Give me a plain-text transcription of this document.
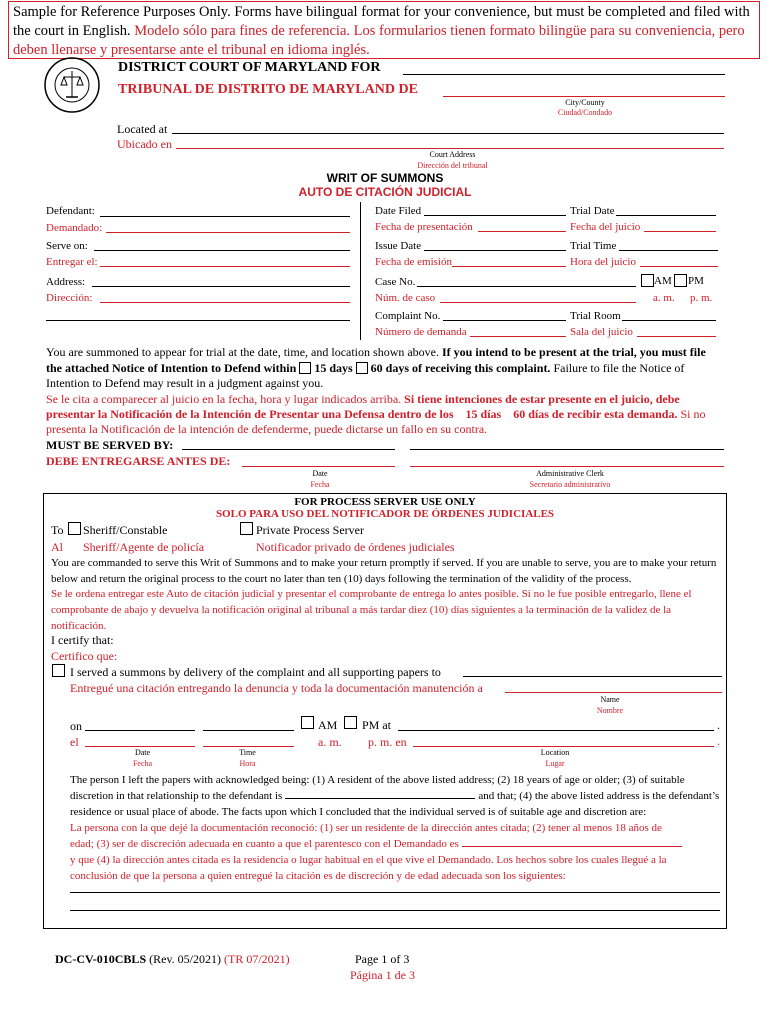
Sample for Reference Purposes Only. Forms have bilingual format for your convenience, but must be completed and filed with the court in English. Modelo sólo para fines de referencia. Los formularios tienen formato bilingüe para su conveniencia, pero deben llenarse y presentarse ante el tribunal en idioma inglés.
DISTRICT COURT OF MARYLAND FOR
TRIBUNAL DE DISTRITO DE MARYLAND DE
City/County
Ciudad/Condado
Located at
Ubicado en
Court Address
Dirección del tribunal
WRIT OF SUMMONS
AUTO DE CITACIÓN JUDICIAL
Defendant:
Demandado:
Serve on:
Entregar el:
Address:
Dirección:
Date Filed	Trial Date
Fecha de presentación	Fecha del juicio
Issue Date	Trial Time
Fecha de emisión	Hora del juicio
Case No.	AM PM
Núm. de caso	a. m. p. m.
Complaint No.	Trial Room
Número de demanda	Sala del juicio
You are summoned to appear for trial at the date, time, and location shown above. If you intend to be present at the trial, you must file the attached Notice of Intention to Defend within 15 days 60 days of receiving this complaint. Failure to file the Notice of Intention to Defend may result in a judgment against you.
Se le cita a comparecer al juicio en la fecha, hora y lugar indicados arriba. Si tiene intenciones de estar presente en el juicio, debe presentar la Notificación de la Intención de Presentar una Defensa dentro de los 15 días 60 días de recibir esta demanda. Si no presenta la Notificación de la intención de defenderme, puede dictarse un fallo en su contra.
MUST BE SERVED BY:
DEBE ENTREGARSE ANTES DE:
Date
Fecha
Administrative Clerk
Secretario administrativo
FOR PROCESS SERVER USE ONLY
SOLO PARA USO DEL NOTIFICADOR DE ÓRDENES JUDICIALES
To Sheriff/Constable	Private Process Server
Al Sheriff/Agente de policía	Notificador privado de órdenes judiciales
You are commanded to serve this Writ of Summons and to make your return promptly if served. If you are unable to serve, you are to make your return below and return the original process to the court no later than ten (10) days following the termination of the validity of the process.
Se le ordena entregar este Auto de citación judicial y presentar el comprobante de entrega lo antes posible. Si no le fue posible entregarlo, llene el comprobante de abajo y devuelva la notificación original al tribunal a más tardar diez (10) días siguientes a la terminación de la validez de la notificación.
I certify that:
Certifico que:
I served a summons by delivery of the complaint and all supporting papers to
Entregué una citación entregando la denuncia y toda la documentación manutención a
Name
Nombre
on	AM PM at	.
el	a. m. p. m. en	.
Date
Fecha
Time
Hora
Location
Lugar
The person I left the papers with acknowledged being: (1) A resident of the above listed address; (2) 18 years of age or older; (3) of suitable
discretion in that relationship to the defendant is	and that; (4) the above listed address is the defendant’s
residence or usual place of abode. The facts upon which I concluded that the individual served is of suitable age and discretion are:
La persona con la que dejé la documentación reconoció: (1) ser un residente de la dirección antes citada; (2) tener al menos 18 años de
edad; (3) ser de discreción adecuada en cuanto a que el parentesco con el Demandado es
y que (4) la dirección antes citada es la residencia o lugar habitual en el que vive el Demandado. Los hechos sobre los cuales llegué a la
conclusión de que la persona a quien entregué la citación es de discreción y de edad adecuada son los siguientes:
DC-CV-010CBLS (Rev. 05/2021) (TR 07/2021)	Page 1 of 3
Página 1 de 3
